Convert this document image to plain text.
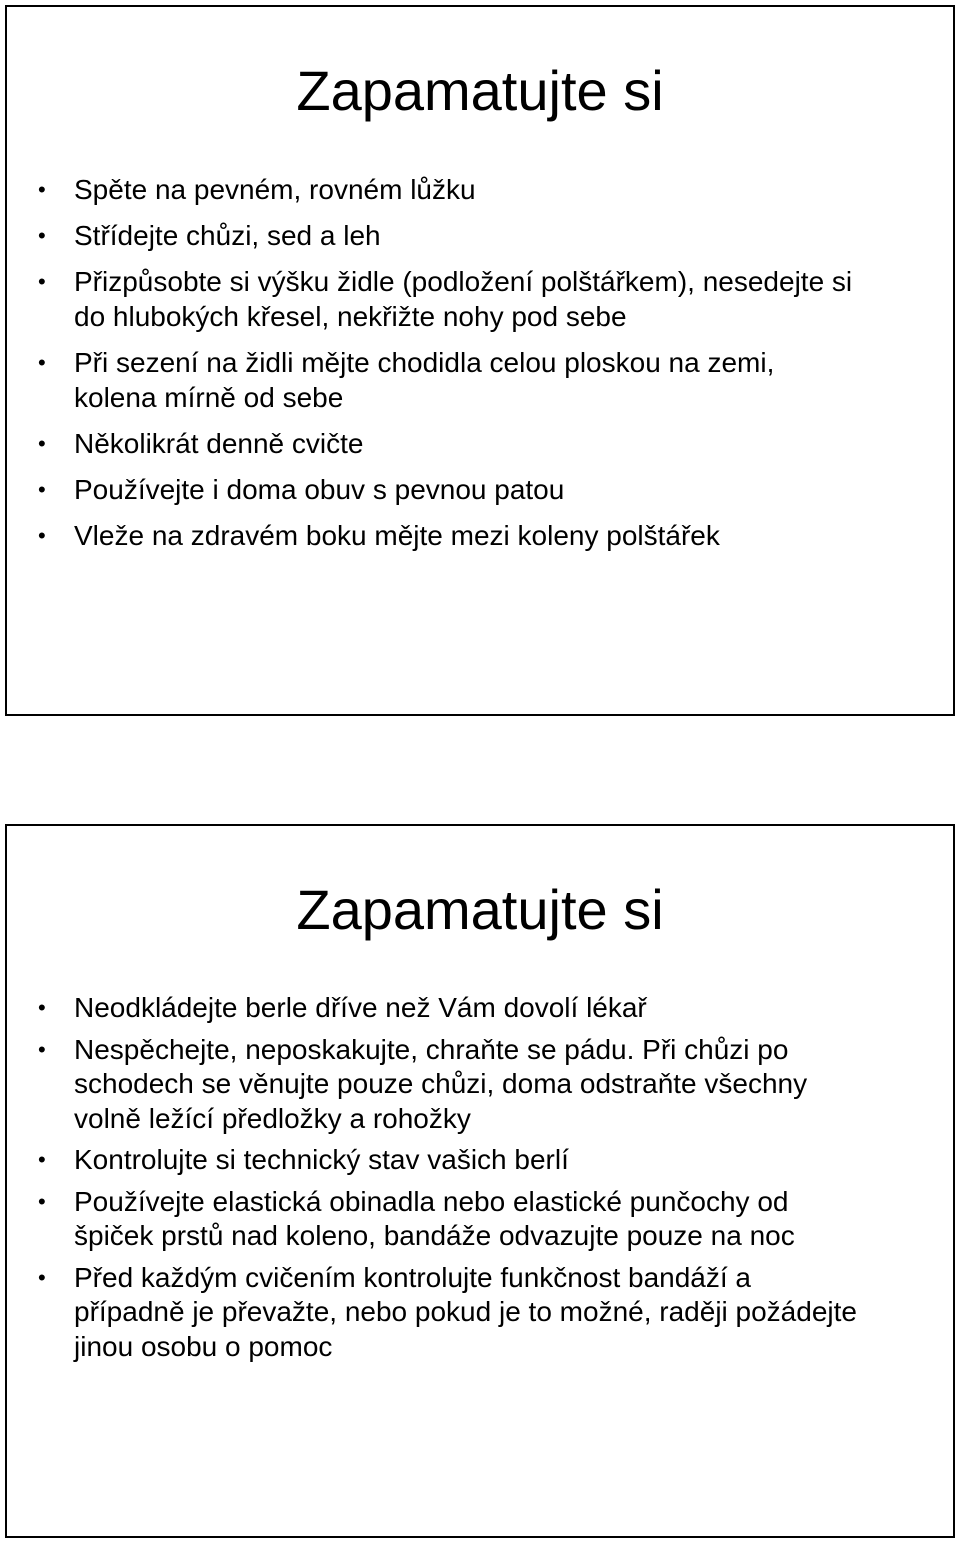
Zapamatujte si
• Spěte na pevném, rovném lůžku
• Střídejte chůzi, sed a leh
• Přizpůsobte si výšku židle (podložení polštářkem), nesedejte si do hlubokých křesel, nekřižte nohy pod sebe
• Při sezení na židli mějte chodidla celou ploskou na zemi, kolena mírně od sebe
• Několikrát denně cvičte
• Používejte i doma obuv s pevnou patou
• Vleže na zdravém boku mějte mezi koleny polštářek
Zapamatujte si
• Neodkládejte berle dříve než Vám dovolí lékař
• Nespěchejte, neposkakujte, chraňte se pádu. Při chůzi po schodech se věnujte pouze chůzi, doma odstraňte všechny volně ležící předložky a rohožky
• Kontrolujte si technický stav vašich berlí
• Používejte elastická obinadla nebo elastické punčochy od špiček prstů nad koleno, bandáže odvazujte pouze na noc
• Před každým cvičením kontrolujte funkčnost bandáží a případně je převažte, nebo pokud je to možné, raději požádejte jinou osobu o pomoc
